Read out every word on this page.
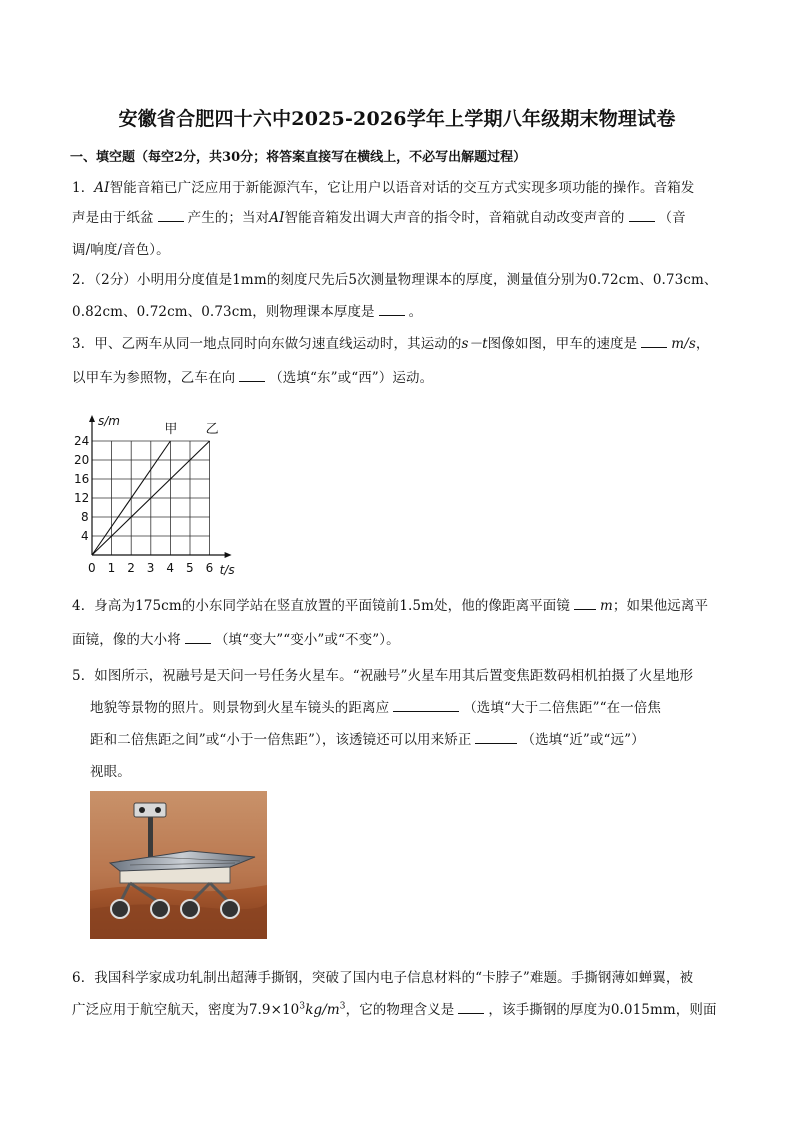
安徽省合肥四十六中2025-2026学年上学期八年级期末物理试卷
一、填空题（每空2分，共30分；将答案直接写在横线上，不必写出解题过程）
1．AI智能音箱已广泛应用于新能源汽车，它让用户以语音对话的交互方式实现多项功能的操作。音箱发
声是由于纸盆	产生的；当对AI智能音箱发出调大声音的指令时，音箱就自动改变声音的	（音
调/响度/音色）。
2．（2分）小明用分度值是1mm的刻度尺先后5次测量物理课本的厚度，测量值分别为0.72cm、0.73cm、
0.82cm、0.72cm、0.73cm，则物理课本厚度是	。
3．甲、乙两车从同一地点同时向东做匀速直线运动时，其运动的s－t图像如图，甲车的速度是	m/s，
以甲车为参照物，乙车在向	（选填“东”或“西”）运动。
0 1 2 3 4 5 6
4
8
12
16
20
24
s/m
t/s
甲 乙
4．身高为175cm的小东同学站在竖直放置的平面镜前1.5m处，他的像距离平面镜 m；如果他远离平
面镜，像的大小将	（填“变大”“变小”或“不变”）。
5．如图所示，祝融号是天问一号任务火星车。“祝融号”火星车用其后置变焦距数码相机拍摄了火星地形
地貌等景物的照片。则景物到火星车镜头的距离应	（选填“大于二倍焦距”“在一倍焦
距和二倍焦距之间”或“小于一倍焦距”），该透镜还可以用来矫正	（选填“近”或“远”）
视眼。
6．我国科学家成功轧制出超薄手撕钢，突破了国内电子信息材料的“卡脖子”难题。手撕钢薄如蝉翼，被
广泛应用于航空航天，密度为$7.9\times 10^3kg/m^3$，它的物理含义是	，该手撕钢的厚度为0.015mm，则面
